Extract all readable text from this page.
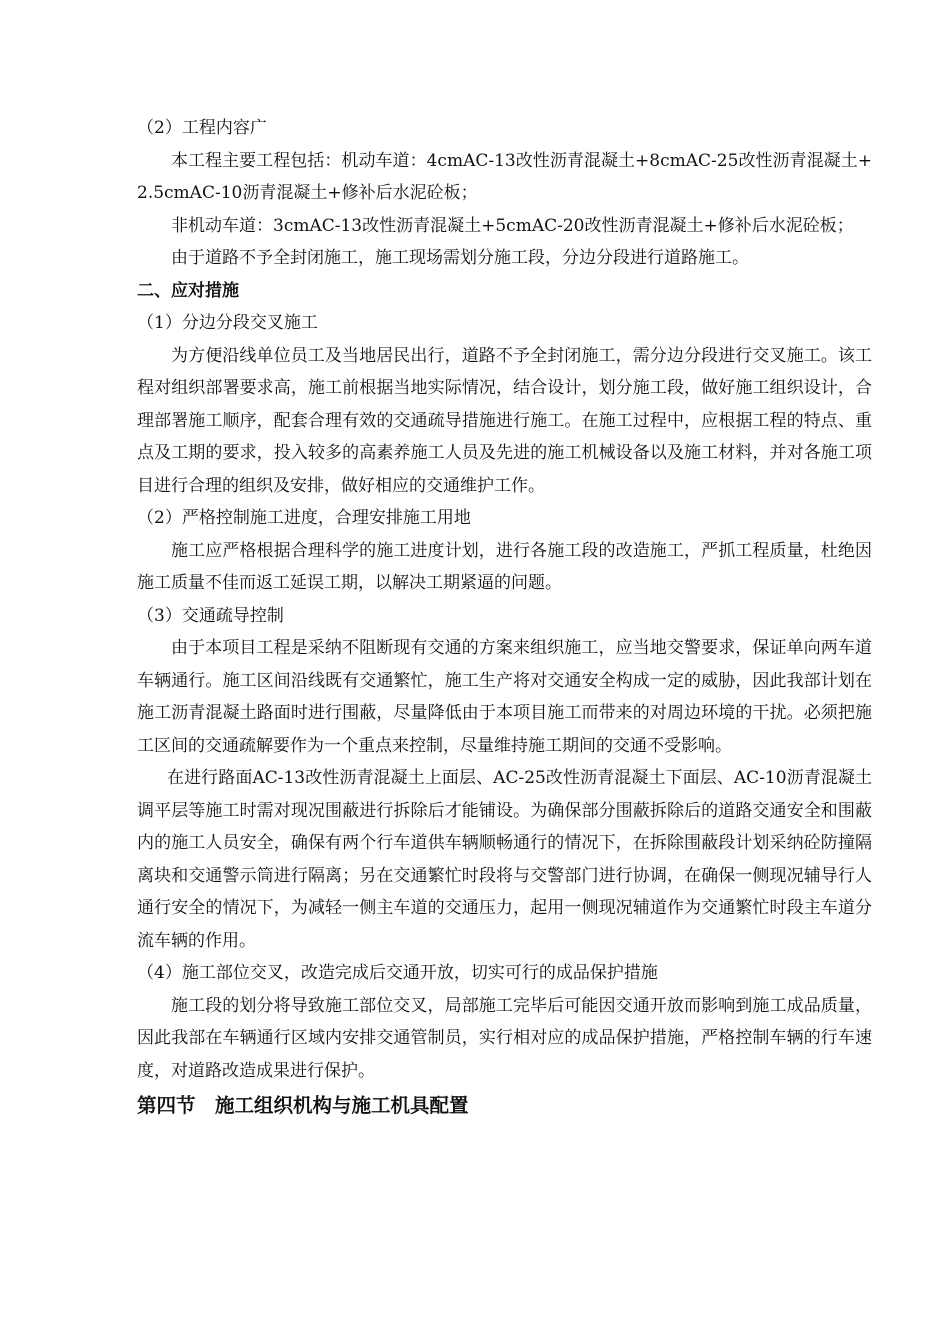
（2）工程内容广

本工程主要工程包括：机动车道：4cmAC-13改性沥青混凝土+8cmAC-25改性沥青混凝土+2.5cmAC-10沥青混凝土+修补后水泥砼板；

非机动车道：3cmAC-13改性沥青混凝土+5cmAC-20改性沥青混凝土+修补后水泥砼板；

由于道路不予全封闭施工，施工现场需划分施工段，分边分段进行道路施工。

二、应对措施

（1）分边分段交叉施工

为方便沿线单位员工及当地居民出行，道路不予全封闭施工，需分边分段进行交叉施工。该工程对组织部署要求高，施工前根据当地实际情况，结合设计，划分施工段，做好施工组织设计，合理部署施工顺序，配套合理有效的交通疏导措施进行施工。在施工过程中，应根据工程的特点、重点及工期的要求，投入较多的高素养施工人员及先进的施工机械设备以及施工材料，并对各施工项目进行合理的组织及安排，做好相应的交通维护工作。

（2）严格控制施工进度，合理安排施工用地

施工应严格根据合理科学的施工进度计划，进行各施工段的改造施工，严抓工程质量，杜绝因施工质量不佳而返工延误工期，以解决工期紧逼的问题。

（3）交通疏导控制

由于本项目工程是采纳不阻断现有交通的方案来组织施工，应当地交警要求，保证单向两车道车辆通行。施工区间沿线既有交通繁忙，施工生产将对交通安全构成一定的威胁，因此我部计划在施工沥青混凝土路面时进行围蔽，尽量降低由于本项目施工而带来的对周边环境的干扰。必须把施工区间的交通疏解要作为一个重点来控制，尽量维持施工期间的交通不受影响。

在进行路面AC-13改性沥青混凝土上面层、AC-25改性沥青混凝土下面层、AC-10沥青混凝土调平层等施工时需对现况围蔽进行拆除后才能铺设。为确保部分围蔽拆除后的道路交通安全和围蔽内的施工人员安全，确保有两个行车道供车辆顺畅通行的情况下，在拆除围蔽段计划采纳砼防撞隔离块和交通警示筒进行隔离；另在交通繁忙时段将与交警部门进行协调，在确保一侧现况辅导行人通行安全的情况下，为减轻一侧主车道的交通压力，起用一侧现况辅道作为交通繁忙时段主车道分流车辆的作用。

（4）施工部位交叉，改造完成后交通开放，切实可行的成品保护措施

施工段的划分将导致施工部位交叉，局部施工完毕后可能因交通开放而影响到施工成品质量，因此我部在车辆通行区域内安排交通管制员，实行相对应的成品保护措施，严格控制车辆的行车速度，对道路改造成果进行保护。

第四节　施工组织机构与施工机具配置
